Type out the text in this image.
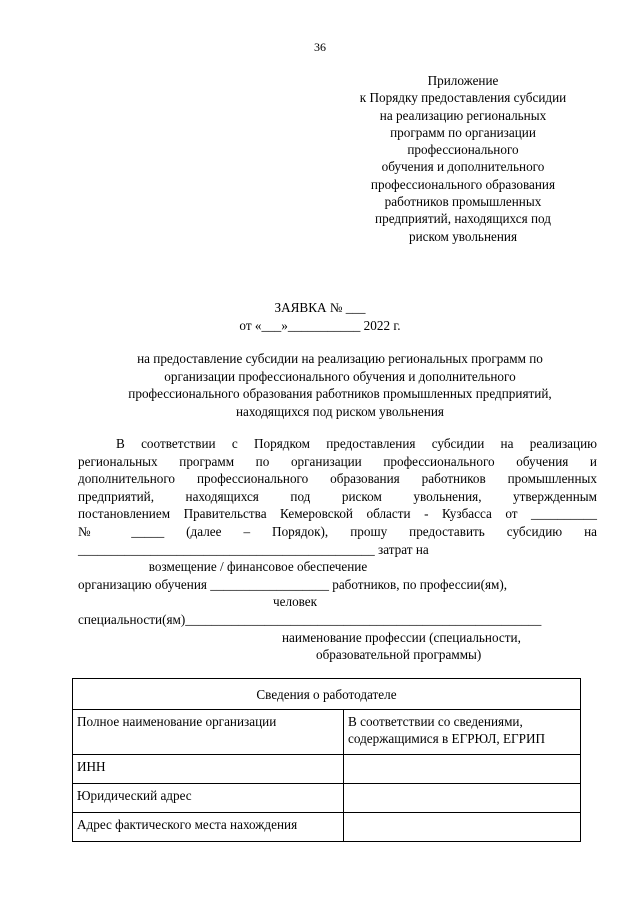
36
Приложение
к Порядку предоставления субсидии
на реализацию региональных
программ по организации
профессионального
обучения и дополнительного
профессионального образования
работников промышленных
предприятий, находящихся под
риском увольнения
ЗАЯВКА № ___
от «___»___________ 2022 г.
на предоставление субсидии на реализацию региональных программ по
организации профессионального обучения и дополнительного
профессионального образования работников промышленных предприятий,
находящихся под риском увольнения
В соответствии с Порядком предоставления субсидии на реализацию
региональных программ по организации профессионального обучения и
дополнительного профессионального образования работников промышленных
предприятий, находящихся под риском увольнения, утвержденным
постановлением Правительства Кемеровской области - Кузбасса от __________
№ _____ (далее – Порядок), прошу предоставить субсидию на
_____________________________________________ затрат на
возмещение / финансовое обеспечение
организацию обучения __________________ работников, по профессии(ям),
человек
специальности(ям)______________________________________________________
наименование профессии (специальности,
образовательной программы)
Сведения о работодателе	
Полное наименование организации	В соответствии со сведениями, содержащимися в ЕГРЮЛ, ЕГРИП
ИНН	
Юридический адрес	
Адрес фактического места нахождения	
